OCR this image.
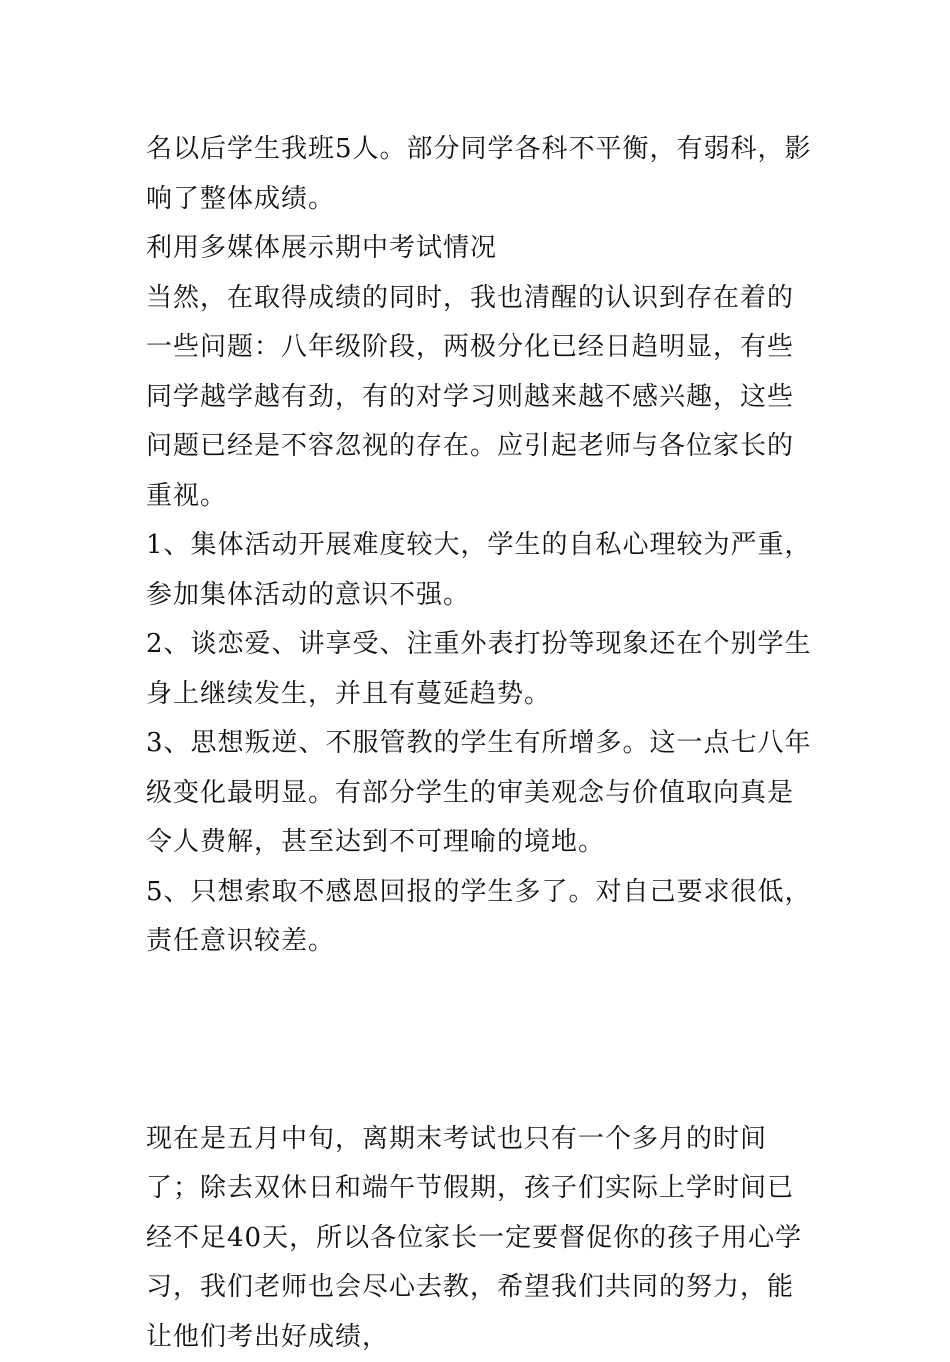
名以后学生我班5人。部分同学各科不平衡，有弱科，影响了整体成绩。

利用多媒体展示期中考试情况

当然，在取得成绩的同时，我也清醒的认识到存在着的一些问题：八年级阶段，两极分化已经日趋明显，有些同学越学越有劲，有的对学习则越来越不感兴趣，这些问题已经是不容忽视的存在。应引起老师与各位家长的重视。

1、集体活动开展难度较大，学生的自私心理较为严重，参加集体活动的意识不强。

2、谈恋爱、讲享受、注重外表打扮等现象还在个别学生身上继续发生，并且有蔓延趋势。

3、思想叛逆、不服管教的学生有所增多。这一点七八年级变化最明显。有部分学生的审美观念与价值取向真是令人费解，甚至达到不可理喻的境地。

5、只想索取不感恩回报的学生多了。对自己要求很低，责任意识较差。

现在是五月中旬，离期末考试也只有一个多月的时间了；除去双休日和端午节假期，孩子们实际上学时间已经不足40天，所以各位家长一定要督促你的孩子用心学习，我们老师也会尽心去教，希望我们共同的努力，能让他们考出好成绩，
